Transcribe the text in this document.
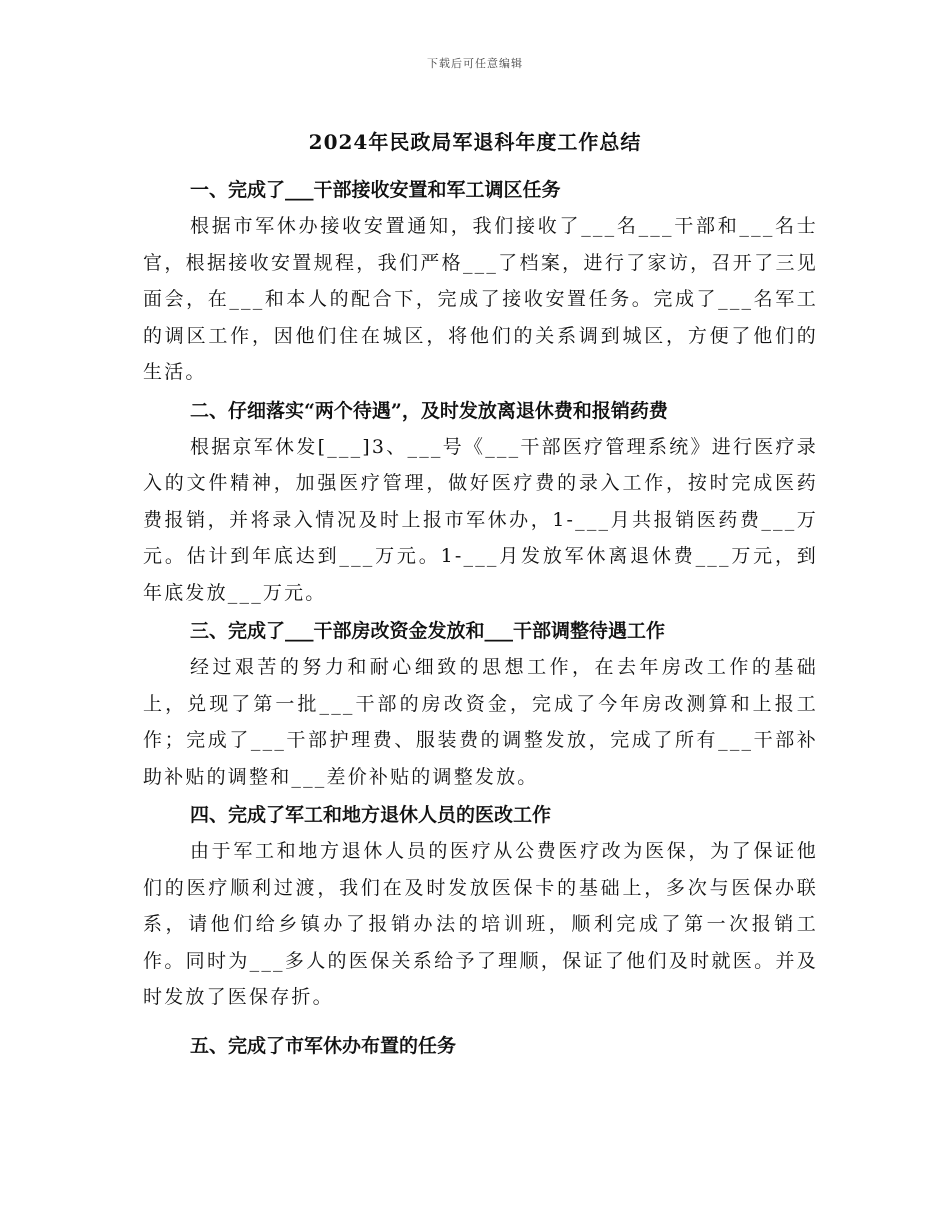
下载后可任意编辑
2024年民政局军退科年度工作总结

一、完成了___干部接收安置和军工调区任务

根据市军休办接收安置通知，我们接收了___名___干部和___名士官，根据接收安置规程，我们严格___了档案，进行了家访，召开了三见面会，在___和本人的配合下，完成了接收安置任务。完成了___名军工的调区工作，因他们住在城区，将他们的关系调到城区，方便了他们的生活。

二、仔细落实“两个待遇”，及时发放离退休费和报销药费

根据京军休发[___]3、___号《___干部医疗管理系统》进行医疗录入的文件精神，加强医疗管理，做好医疗费的录入工作，按时完成医药费报销，并将录入情况及时上报市军休办，1-___月共报销医药费___万元。估计到年底达到___万元。1-___月发放军休离退休费___万元，到年底发放___万元。

三、完成了___干部房改资金发放和___干部调整待遇工作

经过艰苦的努力和耐心细致的思想工作，在去年房改工作的基础上，兑现了第一批___干部的房改资金，完成了今年房改测算和上报工作；完成了___干部护理费、服装费的调整发放，完成了所有___干部补助补贴的调整和___差价补贴的调整发放。

四、完成了军工和地方退休人员的医改工作

由于军工和地方退休人员的医疗从公费医疗改为医保，为了保证他们的医疗顺利过渡，我们在及时发放医保卡的基础上，多次与医保办联系，请他们给乡镇办了报销办法的培训班，顺利完成了第一次报销工作。同时为___多人的医保关系给予了理顺，保证了他们及时就医。并及时发放了医保存折。

五、完成了市军休办布置的任务
